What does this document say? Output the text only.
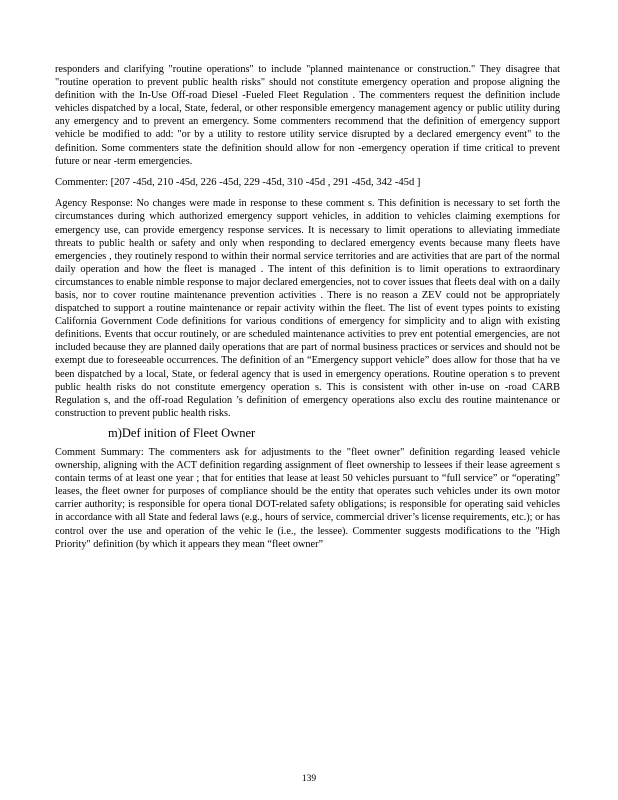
responders and clarifying "routine operations" to include "planned maintenance or construction." They disagree that "routine operation to prevent public health risks" should not constitute emergency operation and propose aligning the definition with the In-Use Off-road Diesel -Fueled Fleet Regulation . The commenters request the definition include vehicles dispatched by a local, State, federal, or other responsible emergency management agency or public utility during any emergency and to prevent an emergency. Some commenters recommend that the definition of emergency support vehicle be modified to add: "or by a utility to restore utility service disrupted by a declared emergency event" to the definition. Some commenters state the definition should allow for non -emergency operation if time critical to prevent future or near -term emergencies.

Commenter: [207 -45d, 210 -45d, 226 -45d, 229 -45d, 310 -45d , 291 -45d, 342 -45d ]

Agency Response: No changes were made in response to these comment s. This definition is necessary to set forth the circumstances during which authorized emergency support vehicles, in addition to vehicles claiming exemptions for emergency use, can provide emergency response services. It is necessary to limit operations to alleviating immediate threats to public health or safety and only when responding to declared emergency events because many fleets have emergencies , they routinely respond to within their normal service territories and are activities that are part of the normal daily operation and how the fleet is managed . The intent of this definition is to limit operations to extraordinary circumstances to enable nimble response to major declared emergencies, not to cover issues that fleets deal with on a daily basis, nor to cover routine maintenance prevention activities . There is no reason a ZEV could not be appropriately dispatched to support a routine maintenance or repair activity within the fleet. The list of event types points to existing California Government Code definitions for various conditions of emergency for simplicity and to align with existing definitions. Events that occur routinely, or are scheduled maintenance activities to prev ent potential emergencies, are not included because they are planned daily operations that are part of normal business practices or services and should not be exempt due to foreseeable occurrences. The definition of an “Emergency support vehicle” does allow for those that ha ve been dispatched by a local, State, or federal agency that is used in emergency operations. Routine operation s to prevent public health risks do not constitute emergency operation s. This is consistent with other in-use on -road CARB Regulation s, and the off-road Regulation ’s definition of emergency operations also exclu des routine maintenance or construction to prevent public health risks.

m)Def inition of Fleet Owner

Comment Summary: The commenters ask for adjustments to the "fleet owner" definition regarding leased vehicle ownership, aligning with the ACT definition regarding assignment of fleet ownership to lessees if their lease agreement s contain terms of at least one year ; that for entities that lease at least 50 vehicles pursuant to “full service” or “operating” leases, the fleet owner for purposes of compliance should be the entity that operates such vehicles under its own motor carrier authority; is responsible for opera tional DOT-related safety obligations; is responsible for operating said vehicles in accordance with all State and federal laws (e.g., hours of service, commercial driver’s license requirements, etc.); or has control over the use and operation of the vehic le (i.e., the lessee). Commenter suggests modifications to the "High Priority" definition (by which it appears they mean “fleet owner”

139
